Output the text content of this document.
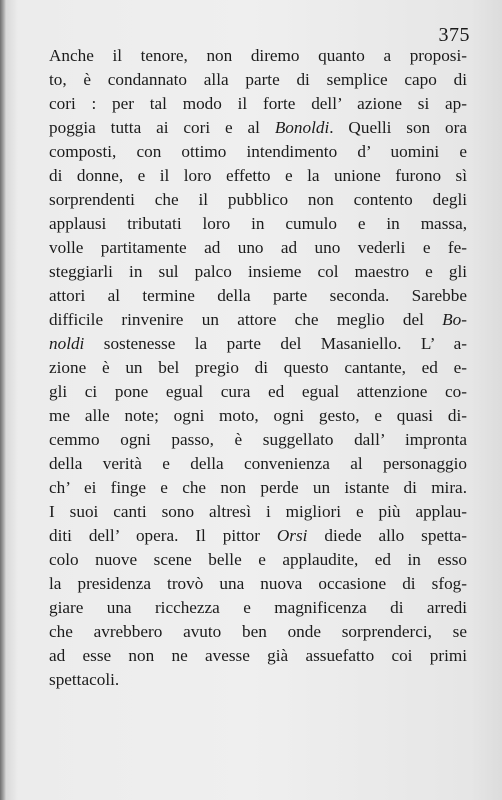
375
Anche il tenore, non diremo quanto a proposi-
to, è condannato alla parte di semplice capo di
cori : per tal modo il forte dell’ azione si ap-
poggia tutta ai cori e al Bonoldi. Quelli son ora
composti, con ottimo intendimento d’ uomini e
di donne, e il loro effetto e la unione furono sì
sorprendenti che il pubblico non contento degli
applausi tributati loro in cumulo e in massa,
volle partitamente ad uno ad uno vederli e fe-
steggiarli in sul palco insieme col maestro e gli
attori al termine della parte seconda. Sarebbe
difficile rinvenire un attore che meglio del Bo-
noldi sostenesse la parte del Masaniello. L’ a-
zione è un bel pregio di questo cantante, ed e-
gli ci pone egual cura ed egual attenzione co-
me alle note; ogni moto, ogni gesto, e quasi di-
cemmo ogni passo, è suggellato dall’ impronta
della verità e della convenienza al personaggio
ch’ ei finge e che non perde un istante di mira.
I suoi canti sono altresì i migliori e più applau-
diti dell’ opera. Il pittor Orsi diede allo spetta-
colo nuove scene belle e applaudite, ed in esso
la presidenza trovò una nuova occasione di sfog-
giare una ricchezza e magnificenza di arredi
che avrebbero avuto ben onde sorprenderci, se
ad esse non ne avesse già assuefatto coi primi
spettacoli.
